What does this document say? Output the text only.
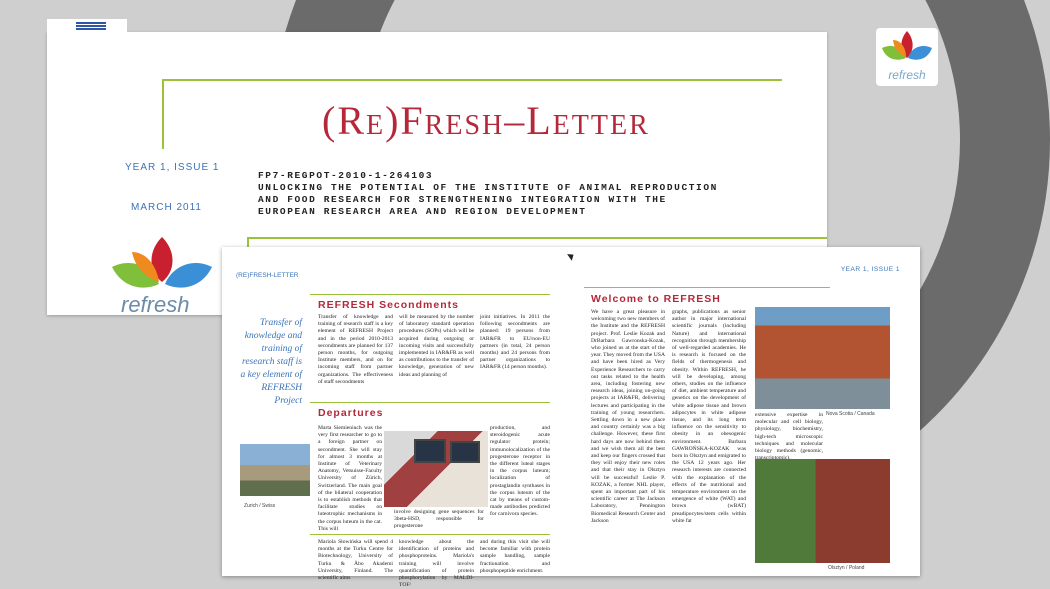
(Re)Fresh–Letter
YEAR 1, ISSUE 1
MARCH 2011
FP7-REGPOT-2010-1-264103
UNLOCKING THE POTENTIAL OF THE INSTITUTE OF ANIMAL REPRODUCTION
AND FOOD RESEARCH FOR STRENGTHENING INTEGRATION WITH THE
EUROPEAN RESEARCH AREA AND REGION DEVELOPMENT
refresh
refresh
(RE)FRESH-LETTER
YEAR 1, ISSUE 1
Transfer of knowledge and training of research staff is a key element of REFRESH Project
Zurich / Swiss
REFRESH Secondments
Transfer of knowledge and training of research staff is a key element of REFRESH Project and in the period 2010-2013 secondments are planned for 137 person months, for outgoing Institute members, and on for incoming staff from partner organizations. The effectiveness of staff secondments
will be measured by the number of laboratory standard operation procedures (SOPs) which will be acquired during outgoing or incoming visits and successfully implemented in IAR&FR as well as contributions to the transfer of knowledge, generation of new ideas and planning of
joint initiatives. In 2011 the following secondments are planned: 19 persons from IAR&FR to EU/non-EU partners (in total, 24 person months) and 24 persons from partner organizations to IAR&FR (14 person months).
Departures
Marta Siemieniuch was the very first researcher to go to a foreign partner on secondment. She will stay for almost 3 months at Institute of Veterinary Anatomy, Vetsuisse-Faculty University of Zürich, Switzerland. The main goal of the bilateral cooperation is to establish methods that facilitate studies on luteotrophic mechanisms in the corpus luteum in the cat. This will
involve designing gene sequences for 3beta-HSD, responsible for progesterone
production, and steroidogenic acute regulator protein; immunolocalization of the progesterone receptor in the different luteal stages in the corpus luteum; localization of prostaglandin synthases in the corpus luteum of the cat by means of custom-made antibodies predicted for carnivora species.
Mariola Słowińska will spend 4 months at the Turku Centre for Biotechnology, University of Turku & Åbo Akademi University, Finland. The scientific aims
knowledge about the identification of proteins and phosphoproteins. Mariola's training will involve quantification of protein phosphorylation by MALDI-TOF/
and during this visit she will become familiar with protein sample handling, sample fractionation and phosphopeptide enrichment.
Welcome to REFRESH
We have a great pleasure in welcoming two new members of the Institute and the REFRESH project. Prof. Leslie Kozak and DrBarbara Gawronska-Kozak, who joined us at the start of the year. They moved from the USA and have been hired as Very Experience Researchers to carry out tasks related to the health area, including fostering new research ideas, joining on-going projects at IAR&FR, delivering lectures and participating in the training of young researchers. Settling down in a new place and country certainly was a big challenge. However, these first hard days are now behind them and we wish them all the best and keep our fingers crossed that they will enjoy their new roles and that their stay in Olsztyn will be successful! Leslie P. KOZAK, a former NHL player, spent an important part of his scientific career at The Jackson Laboratory, Pennington Biomedical Research Center and Jackson
graphs, publications as senior author in major international scientific journals (including Nature) and international recognition through membership of well-regarded academies. He is research is focused on the fields of thermogenesis and obesity. Within REFRESH, he will be developing, among others, studies on the influence of diet, ambient temperature and genetics on the development of white adipose tissue and brown adipocytes in white adipose tissue, and its long term influence on the sensitivity to obesity in an obesogenic environment. Barbara GAWROŃSKA-KOZAK was born in Olsztyn and emigrated to the USA 12 years ago. Her research interests are connected with the explanation of the effects of the nutritional and temperature environment on the emergence of white (WAT) and brown (wBAT) preadipocytes/stem cells within white fat
Nova Scotia / Canada
extensive expertise in molecular and cell biology, physiology, biochemistry, high-tech microscopic techniques and molecular biology methods (genomic,
Olsztyn / Poland
